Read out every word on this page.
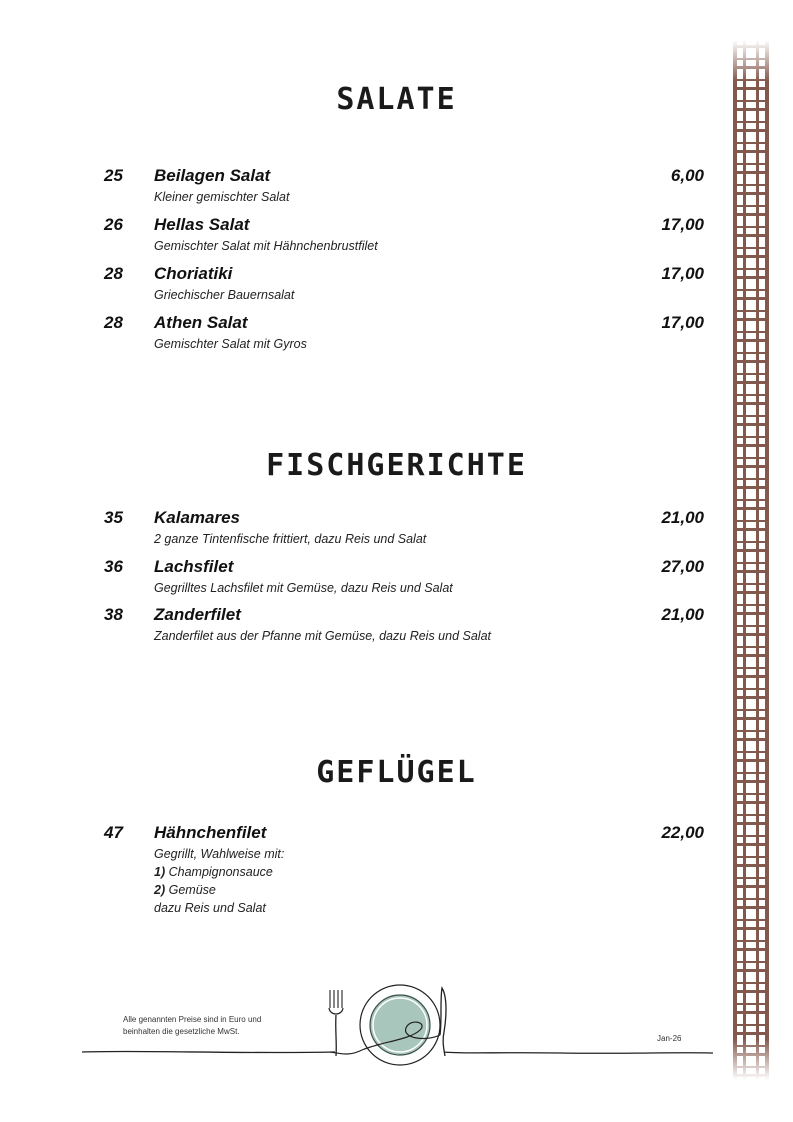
SALATE
25 Beilagen Salat	6,00
Kleiner gemischter Salat
26 Hellas Salat	17,00
Gemischter Salat mit Hähnchenbrustfilet
28 Choriatiki	17,00
Griechischer Bauernsalat
28 Athen Salat	17,00
Gemischter Salat mit Gyros
FISCHGERICHTE
35 Kalamares	21,00
2 ganze Tintenfische frittiert, dazu Reis und Salat
36 Lachsfilet	27,00
Gegrilltes Lachsfilet mit Gemüse, dazu Reis und Salat
38 Zanderfilet	21,00
Zanderfilet aus der Pfanne mit Gemüse, dazu Reis und Salat
GEFLÜGEL
47 Hähnchenfilet	22,00
Gegrillt, Wahlweise mit:
1) Champignonsauce
2) Gemüse
dazu Reis und Salat
Alle genannten Preise sind in Euro und
beinhalten die gesetzliche MwSt.
Jan-26
